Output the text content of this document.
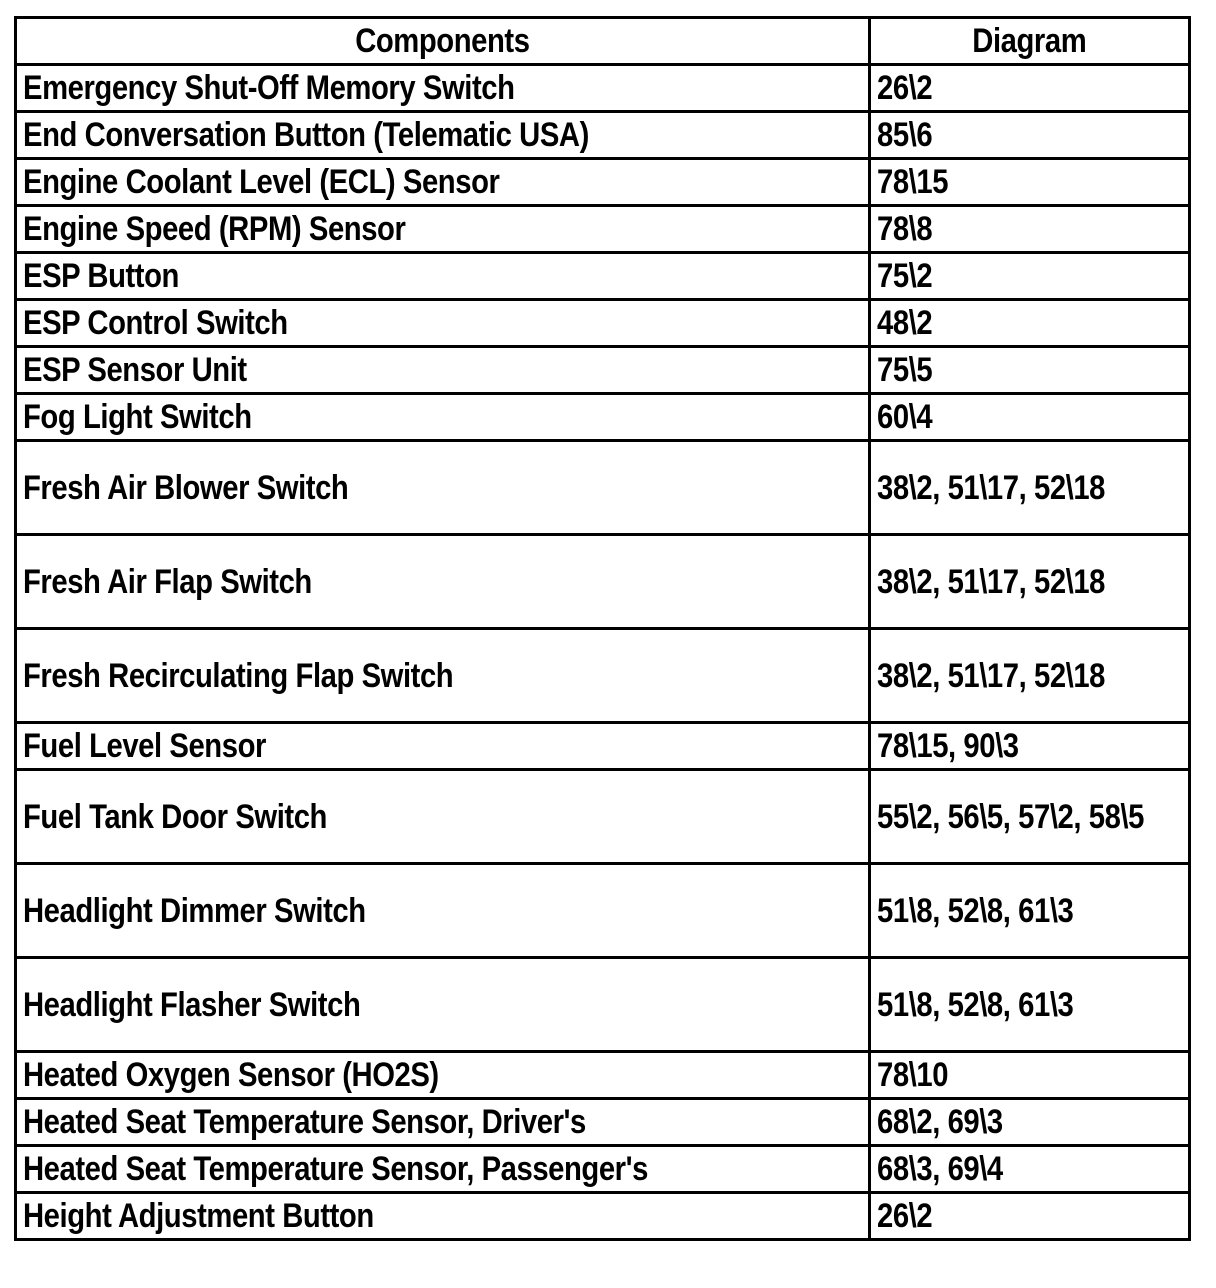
Components	Diagram
Emergency Shut-Off Memory Switch	26\2
End Conversation Button (Telematic USA)	85\6
Engine Coolant Level (ECL) Sensor	78\15
Engine Speed (RPM) Sensor	78\8
ESP Button	75\2
ESP Control Switch	48\2
ESP Sensor Unit	75\5
Fog Light Switch	60\4
Fresh Air Blower Switch	38\2, 51\17, 52\18
Fresh Air Flap Switch	38\2, 51\17, 52\18
Fresh Recirculating Flap Switch	38\2, 51\17, 52\18
Fuel Level Sensor	78\15, 90\3
Fuel Tank Door Switch	55\2, 56\5, 57\2, 58\5
Headlight Dimmer Switch	51\8, 52\8, 61\3
Headlight Flasher Switch	51\8, 52\8, 61\3
Heated Oxygen Sensor (HO2S)	78\10
Heated Seat Temperature Sensor, Driver's	68\2, 69\3
Heated Seat Temperature Sensor, Passenger's	68\3, 69\4
Height Adjustment Button	26\2
